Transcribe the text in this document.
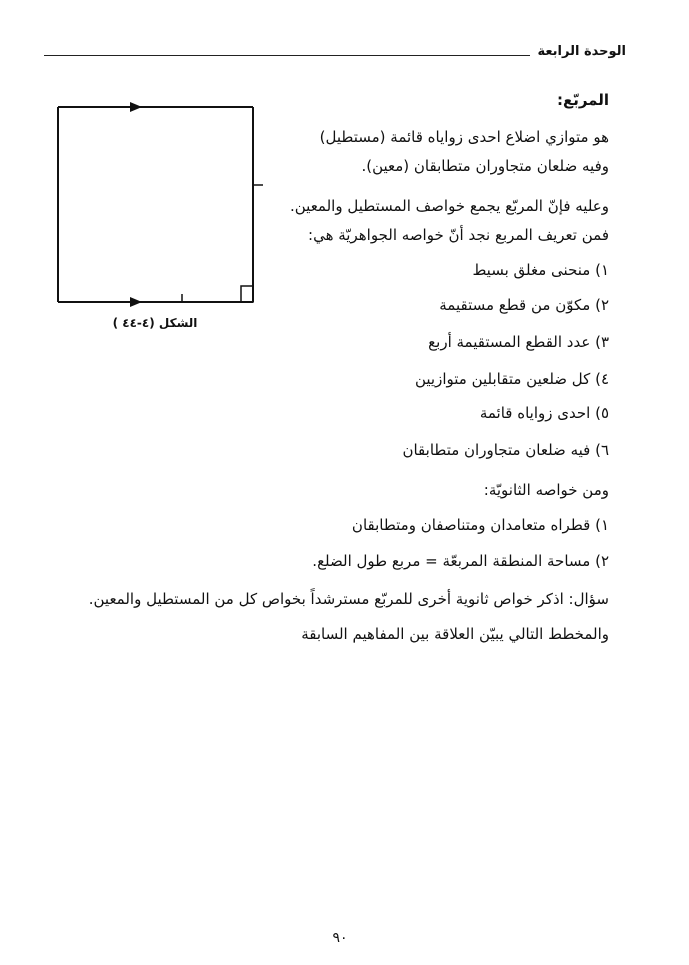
الوحدة الرابعة
المربّع:
هو متوازي اضلاع احدى زواياه قائمة (مستطيل)
وفيه ضلعان متجاوران متطابقان (معين).
وعليه فإنّ المربّع يجمع خواصف المستطيل والمعين.
فمن تعريف المربع نجد أنّ خواصه الجواهريّة هي:
١) منحنى مغلق بسيط
٢) مكوّن من قطع مستقيمة
٣) عدد القطع المستقيمة أربع
٤) كل ضلعين متقابلين متوازيين
٥) احدى زواياه قائمة
٦) فيه ضلعان متجاوران متطابقان
ومن خواصه الثانويّة:
١) قطراه متعامدان ومتناصفان ومتطابقان
٢) مساحة المنطقة المربعّة = مربع طول الضلع.
سؤال: اذكر خواص ثانوية أخرى للمربّع مسترشداً بخواص كل من المستطيل والمعين.
والمخطط التالي يبيّن العلاقة بين المفاهيم السابقة
الشكل (٤-٤٤ )
٩٠
